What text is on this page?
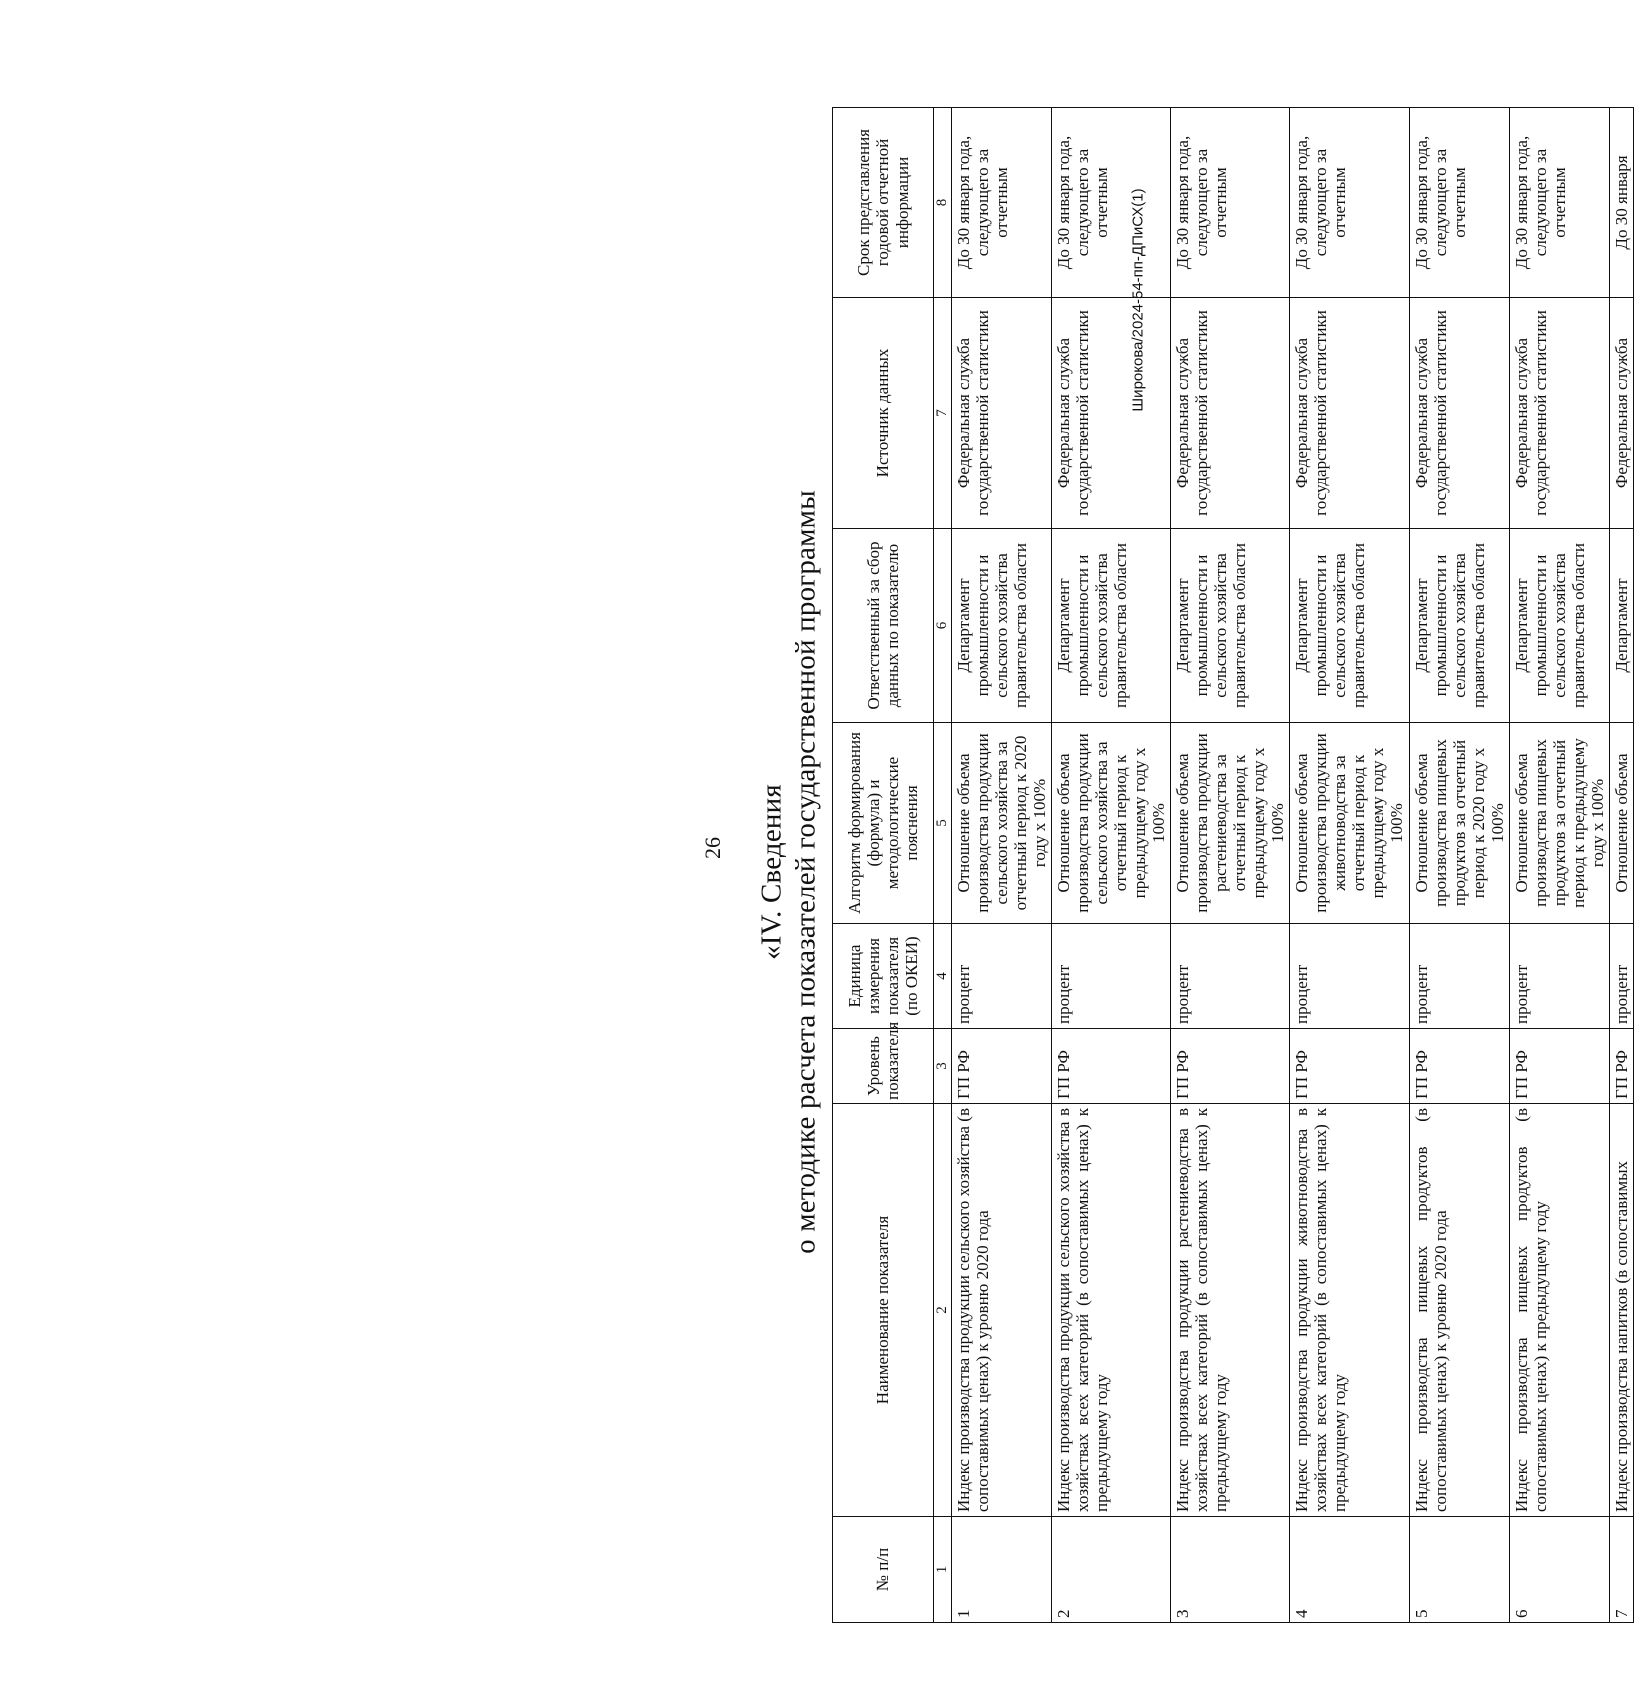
26 «IV. Сведения о методике расчета показателей государственной программы
Широкова/2024-54-пп-ДПиСХ(1)
№ п/п	Наименование показателя	Уровень показателя	Единица измерения показателя (по ОКЕИ)	Алгоритм формирования (формула) и методологические пояснения	Ответственный за сбор данных по показателю	Источник данных	Срок представления годовой отчетной информации
1	2	3	4	5	6	7	8
1	Индекс производства продукции сельского хозяйства (в сопоставимых ценах) к уровню 2020 года	ГП РФ	процент	Отношение объема производства продукции сельского хозяйства за отчетный период к 2020 году x 100%	Департамент промышленности и сельского хозяйства правительства области	Федеральная служба государственной статистики	До 30 января года, следующего за отчетным
2	Индекс производства продукции сельского хозяйства в хозяйствах всех категорий (в сопоставимых ценах) к предыдущему году	ГП РФ	процент	Отношение объема производства продукции сельского хозяйства за отчетный период к предыдущему году x 100%	Департамент промышленности и сельского хозяйства правительства области	Федеральная служба государственной статистики	До 30 января года, следующего за отчетным
3	Индекс производства продукции растениеводства в хозяйствах всех категорий (в сопоставимых ценах) к предыдущему году	ГП РФ	процент	Отношение объема производства продукции растениеводства за отчетный период к предыдущему году x 100%	Департамент промышленности и сельского хозяйства правительства области	Федеральная служба государственной статистики	До 30 января года, следующего за отчетным
4	Индекс производства продукции животноводства в хозяйствах всех категорий (в сопоставимых ценах) к предыдущему году	ГП РФ	процент	Отношение объема производства продукции животноводства за отчетный период к предыдущему году x 100%	Департамент промышленности и сельского хозяйства правительства области	Федеральная служба государственной статистики	До 30 января года, следующего за отчетным
5	Индекс производства пищевых продуктов (в сопоставимых ценах) к уровню 2020 года	ГП РФ	процент	Отношение объема производства пищевых продуктов за отчетный период к 2020 году x 100%	Департамент промышленности и сельского хозяйства правительства области	Федеральная служба государственной статистики	До 30 января года, следующего за отчетным
6	Индекс производства пищевых продуктов (в сопоставимых ценах) к предыдущему году	ГП РФ	процент	Отношение объема производства пищевых продуктов за отчетный период к предыдущему году x 100%	Департамент промышленности и сельского хозяйства правительства области	Федеральная служба государственной статистики	До 30 января года, следующего за отчетным
7	Индекс производства напитков (в сопоставимых	ГП РФ	процент	Отношение объема	Департамент	Федеральная служба	До 30 января
